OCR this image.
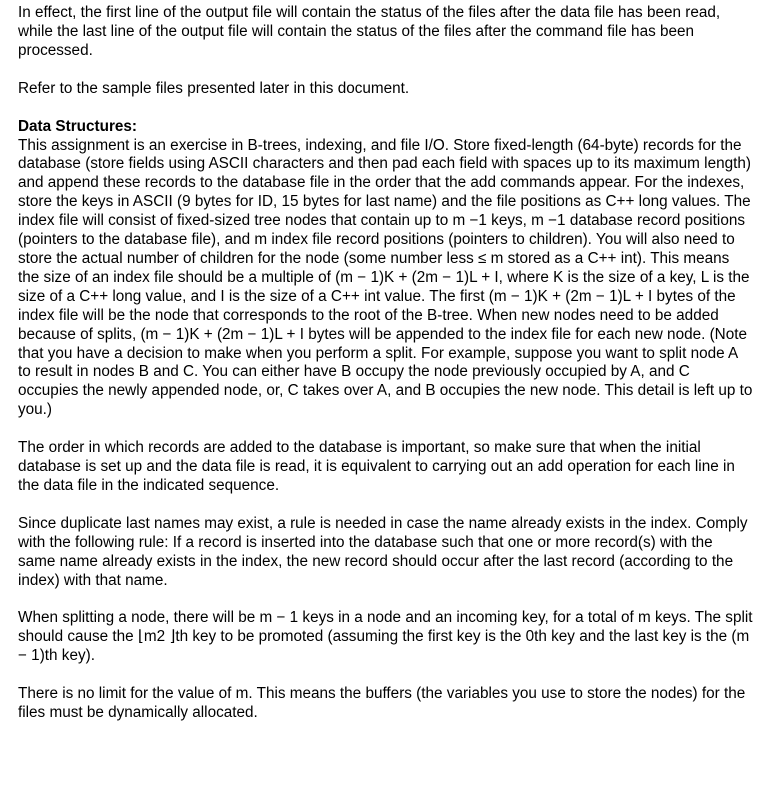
In effect, the first line of the output file will contain the status of the files after the data file has been read, while the last line of the output file will contain the status of the files after the command file has been processed.

Refer to the sample files presented later in this document.

Data Structures:
This assignment is an exercise in B-trees, indexing, and file I/O. Store fixed-length (64-byte) records for the database (store fields using ASCII characters and then pad each field with spaces up to its maximum length) and append these records to the database file in the order that the add commands appear. For the indexes, store the keys in ASCII (9 bytes for ID, 15 bytes for last name) and the file positions as C++ long values. The index file will consist of fixed-sized tree nodes that contain up to m −1 keys, m −1 database record positions (pointers to the database file), and m index file record positions (pointers to children). You will also need to store the actual number of children for the node (some number less ≤ m stored as a C++ int). This means the size of an index file should be a multiple of (m − 1)K + (2m − 1)L + I, where K is the size of a key, L is the size of a C++ long value, and I is the size of a C++ int value. The first (m − 1)K + (2m − 1)L + I bytes of the index file will be the node that corresponds to the root of the B-tree. When new nodes need to be added because of splits, (m − 1)K + (2m − 1)L + I bytes will be appended to the index file for each new node. (Note that you have a decision to make when you perform a split. For example, suppose you want to split node A to result in nodes B and C. You can either have B occupy the node previously occupied by A, and C occupies the newly appended node, or, C takes over A, and B occupies the new node. This detail is left up to you.)

The order in which records are added to the database is important, so make sure that when the initial database is set up and the data file is read, it is equivalent to carrying out an add operation for each line in the data file in the indicated sequence.

Since duplicate last names may exist, a rule is needed in case the name already exists in the index. Comply with the following rule: If a record is inserted into the database such that one or more record(s) with the same name already exists in the index, the new record should occur after the last record (according to the index) with that name.

When splitting a node, there will be m − 1 keys in a node and an incoming key, for a total of m keys. The split should cause the ⌊m2 ⌋th key to be promoted (assuming the first key is the 0th key and the last key is the (m − 1)th key).

There is no limit for the value of m. This means the buffers (the variables you use to store the nodes) for the files must be dynamically allocated.
